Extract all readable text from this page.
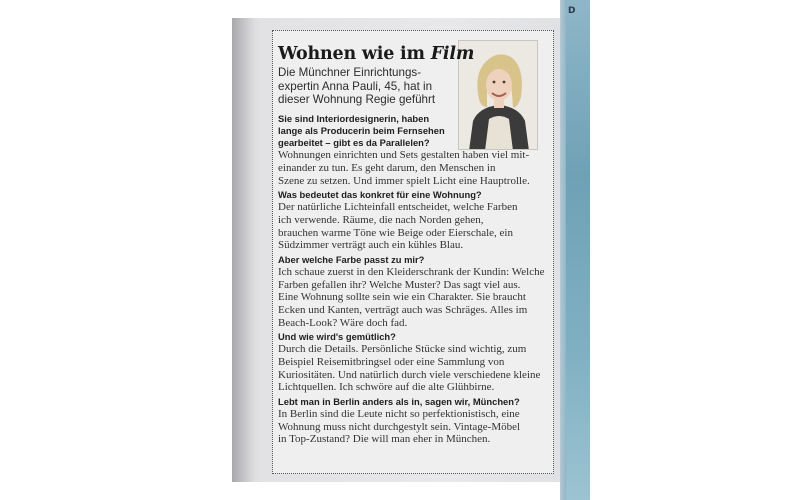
D
Wohnen wie im Film
Die Münchner Einrichtungs-
expertin Anna Pauli, 45, hat in
dieser Wohnung Regie geführt
Sie sind Interiordesignerin, haben
lange als Producerin beim Fernsehen
gearbeitet – gibt es da Parallelen?
Wohnungen einrichten und Sets gestalten haben viel mit-
einander zu tun. Es geht darum, den Menschen in
Szene zu setzen. Und immer spielt Licht eine Hauptrolle.
Was bedeutet das konkret für eine Wohnung?
Der natürliche Lichteinfall entscheidet, welche Farben
ich verwende. Räume, die nach Norden gehen,
brauchen warme Töne wie Beige oder Eierschale, ein
Südzimmer verträgt auch ein kühles Blau.
Aber welche Farbe passt zu mir?
Ich schaue zuerst in den Kleiderschrank der Kundin: Welche
Farben gefallen ihr? Welche Muster? Das sagt viel aus.
Eine Wohnung sollte sein wie ein Charakter. Sie braucht
Ecken und Kanten, verträgt auch was Schräges. Alles im
Beach-Look? Wäre doch fad.
Und wie wird's gemütlich?
Durch die Details. Persönliche Stücke sind wichtig, zum
Beispiel Reisemitbringsel oder eine Sammlung von
Kuriositäten. Und natürlich durch viele verschiedene kleine
Lichtquellen. Ich schwöre auf die alte Glühbirne.
Lebt man in Berlin anders als in, sagen wir, München?
In Berlin sind die Leute nicht so perfektionistisch, eine
Wohnung muss nicht durchgestylt sein. Vintage-Möbel
in Top-Zustand? Die will man eher in München.
